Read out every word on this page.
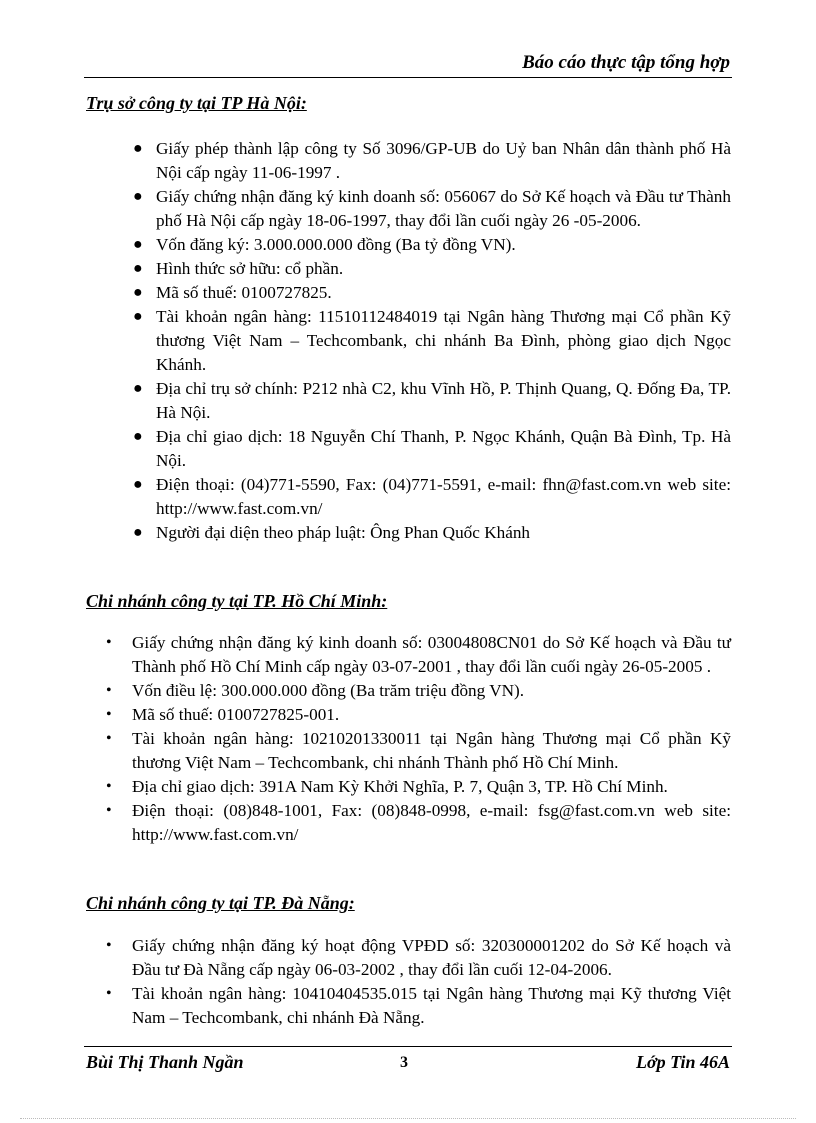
Báo cáo thực tập tổng hợp
Trụ sở công ty tại TP Hà Nội:
● Giấy phép thành lập công ty Số 3096/GP-UB do Uỷ ban Nhân dân thành phố Hà Nội cấp ngày 11-06-1997 .
● Giấy chứng nhận đăng ký kinh doanh số: 056067 do Sở Kế hoạch và Đầu tư Thành phố Hà Nội cấp ngày 18-06-1997, thay đổi lần cuối ngày 26 -05-2006.
● Vốn đăng ký: 3.000.000.000 đồng (Ba tỷ đồng VN).
● Hình thức sở hữu: cổ phần.
● Mã số thuế: 0100727825.
● Tài khoản ngân hàng: 11510112484019 tại Ngân hàng Thương mại Cổ phần Kỹ thương Việt Nam – Techcombank, chi nhánh Ba Đình, phòng giao dịch Ngọc Khánh.
● Địa chỉ trụ sở chính: P212 nhà C2, khu Vĩnh Hồ, P. Thịnh Quang, Q. Đống Đa, TP. Hà Nội.
● Địa chỉ giao dịch: 18 Nguyễn Chí Thanh, P. Ngọc Khánh, Quận Bà Đình, Tp. Hà Nội.
● Điện thoại: (04)771-5590, Fax: (04)771-5591, e-mail: fhn@fast.com.vn web site: http://www.fast.com.vn/
● Người đại diện theo pháp luật: Ông Phan Quốc Khánh
Chi nhánh công ty tại TP. Hồ Chí Minh:
• Giấy chứng nhận đăng ký kinh doanh số: 03004808CN01 do Sở Kế hoạch và Đầu tư Thành phố Hồ Chí Minh cấp ngày 03-07-2001 , thay đổi lần cuối ngày 26-05-2005 .
• Vốn điều lệ: 300.000.000 đồng (Ba trăm triệu đồng VN).
• Mã số thuế: 0100727825-001.
• Tài khoản ngân hàng: 10210201330011 tại Ngân hàng Thương mại Cổ phần Kỹ thương Việt Nam – Techcombank, chi nhánh Thành phố Hồ Chí Minh.
• Địa chỉ giao dịch: 391A Nam Kỳ Khởi Nghĩa, P. 7, Quận 3, TP. Hồ Chí Minh.
• Điện thoại: (08)848-1001, Fax: (08)848-0998, e-mail: fsg@fast.com.vn web site: http://www.fast.com.vn/
Chi nhánh công ty tại TP. Đà Nẵng:
• Giấy chứng nhận đăng ký hoạt động VPĐD số: 320300001202 do Sở Kế hoạch và Đầu tư Đà Nẵng cấp ngày 06-03-2002 , thay đổi lần cuối 12-04-2006.
• Tài khoản ngân hàng: 10410404535.015 tại Ngân hàng Thương mại Kỹ thương Việt Nam – Techcombank, chi nhánh Đà Nẵng.
Bùi Thị Thanh Ngần	3	Lớp Tin 46A
